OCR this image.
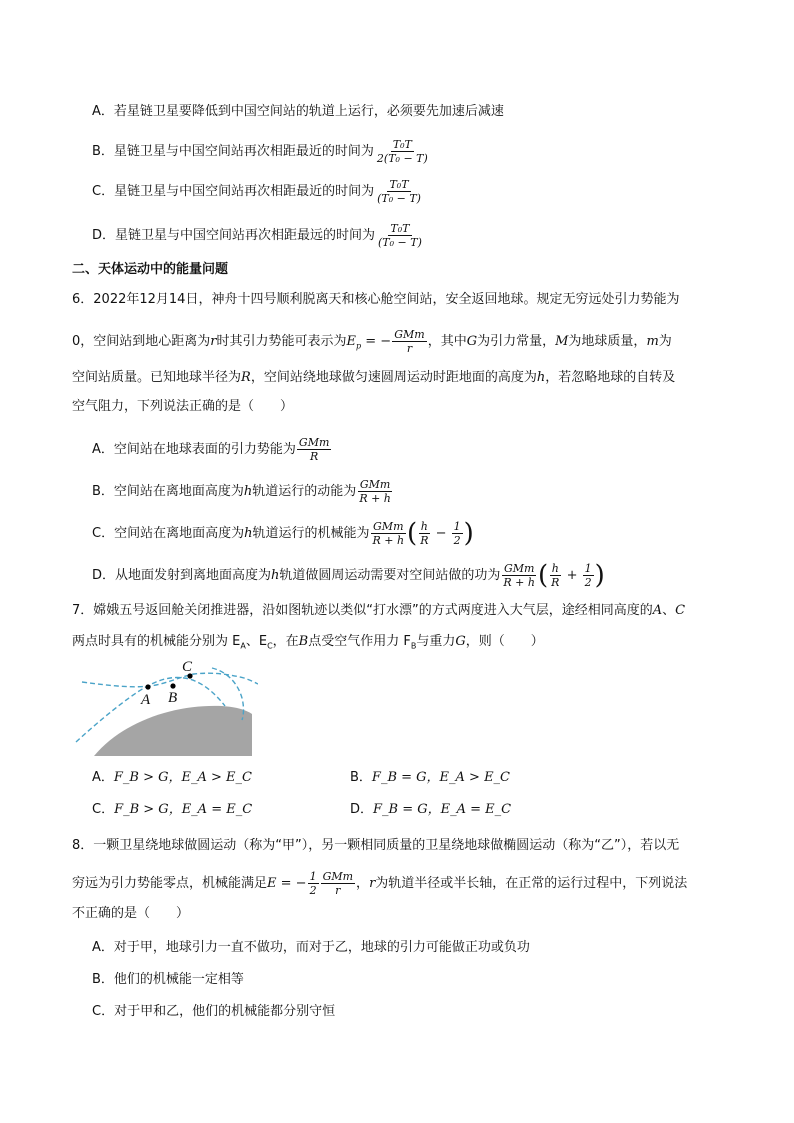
A．若星链卫星要降低到中国空间站的轨道上运行，必须要先加速后减速
B．星链卫星与中国空间站再次相距最近的时间为 $\frac{\text{T₀T}}{\text{2(T₀ − T)}}$
C．星链卫星与中国空间站再次相距最近的时间为 $\frac{\text{T₀T}}{\text{(T₀ − T)}}$
D．星链卫星与中国空间站再次相距最远的时间为 $\frac{\text{T₀T}}{\text{(T₀ − T)}}$
二、天体运动中的能量问题
6．2022年12月14日，神舟十四号顺利脱离天和核心舱空间站，安全返回地球。规定无穷远处引力势能为
0，空间站到地心距离为r时其引力势能可表示为$E_p$ = − $\frac{\text{GMm}}{r}$ ，其中G为引力常量，M为地球质量，m为
空间站质量。已知地球半径为R，空间站绕地球做匀速圆周运动时距地面的高度为h，若忽略地球的自转及
空气阻力，下列说法正确的是（　　）
A．空间站在地球表面的引力势能为 $\frac{\text{GMm}}{R}$
B．空间站在离地面高度为h轨道运行的动能为 $\frac{\text{GMm}}{R + h}$
C．空间站在离地面高度为h轨道运行的机械能为 $\frac{\text{GMm}}{R + h}$ ( $\frac{h}{R} - \frac{1}{2}$ )
D．从地面发射到离地面高度为h轨道做圆周运动需要对空间站做的功为 $\frac{\text{GMm}}{R + h}$ ( $\frac{h}{R} + \frac{1}{2}$ )
7．嫦娥五号返回舱关闭推进器，沿如图轨迹以类似“打水漂”的方式两度进入大气层，途经相同高度的A、C
两点时具有的机械能分别为 $E_A$、$E_C$，在B点受空气作用力 $F_B$与重力G，则（　　）
A B
C
A．F_B > G，E_A > E_C	B．F_B = G，E_A > E_C
C．F_B > G，E_A = E_C	D．F_B = G，E_A = E_C
8．一颗卫星绕地球做圆运动（称为“甲”），另一颗相同质量的卫星绕地球做椭圆运动（称为“乙”），若以无
穷远为引力势能零点，机械能满足E = − $\frac{1}{2} \frac{\text{GMm}}{r}$ ，r为轨道半径或半长轴，在正常的运行过程中，下列说法
不正确的是（　　）
A．对于甲，地球引力一直不做功，而对于乙，地球的引力可能做正功或负功
B．他们的机械能一定相等
C．对于甲和乙，他们的机械能都分别守恒
